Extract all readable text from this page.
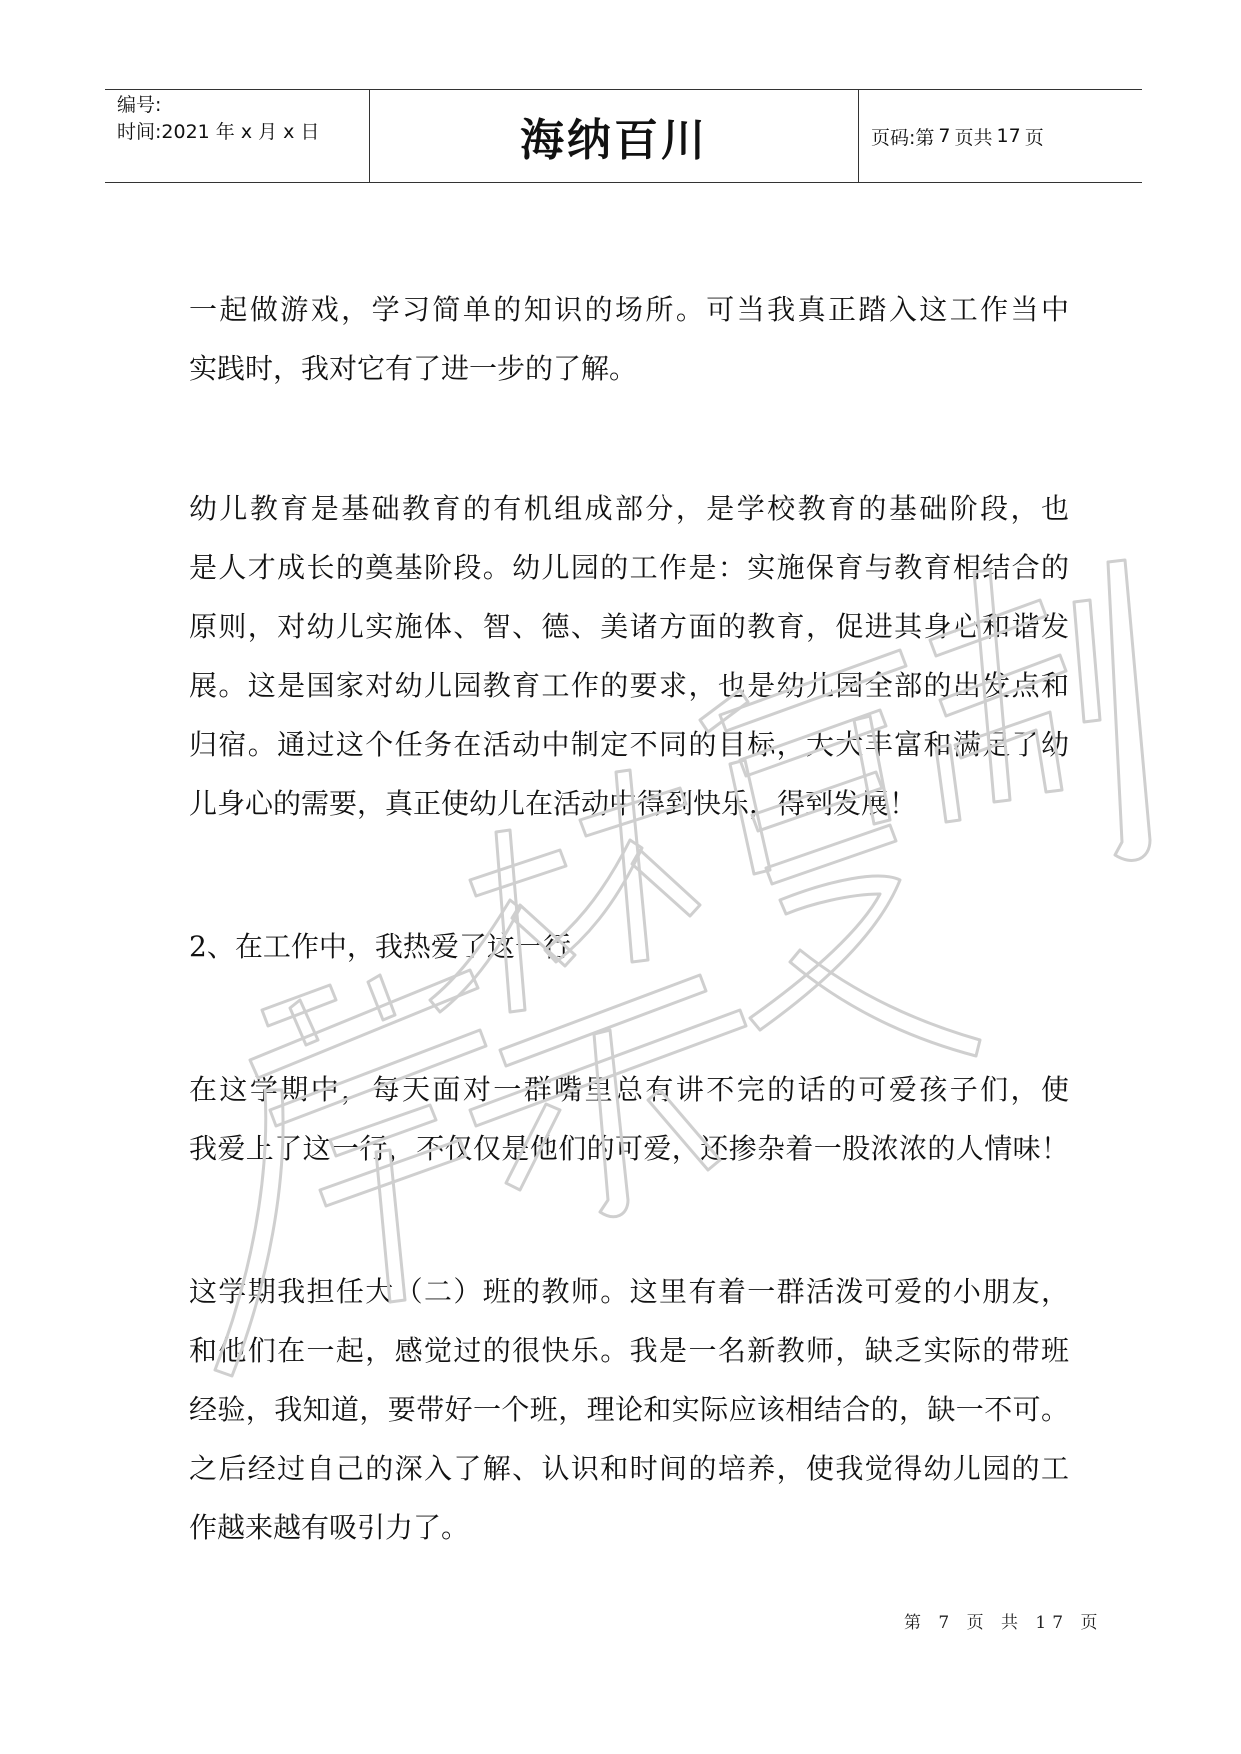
编号:
时间:2021 年 x 月 x 日	海纳百川	页码:第 7 页共 17 页

一起做游戏，学习简单的知识的场所。可当我真正踏入这工作当中
实践时，我对它有了进一步的了解。

幼儿教育是基础教育的有机组成部分，是学校教育的基础阶段，也
是人才成长的奠基阶段。幼儿园的工作是：实施保育与教育相结合的
原则，对幼儿实施体、智、德、美诸方面的教育，促进其身心和谐发
展。这是国家对幼儿园教育工作的要求，也是幼儿园全部的出发点和
归宿。通过这个任务在活动中制定不同的目标，大大丰富和满足了幼
儿身心的需要，真正使幼儿在活动中得到快乐，得到发展！

2、在工作中，我热爱了这一行

在这学期中，每天面对一群嘴里总有讲不完的话的可爱孩子们，使
我爱上了这一行，不仅仅是他们的可爱，还掺杂着一股浓浓的人情味！

这学期我担任大（二）班的教师。这里有着一群活泼可爱的小朋友，
和他们在一起，感觉过的很快乐。我是一名新教师，缺乏实际的带班
经验，我知道，要带好一个班，理论和实际应该相结合的，缺一不可。
之后经过自己的深入了解、认识和时间的培养，使我觉得幼儿园的工
作越来越有吸引力了。

第 7 页 共 17 页
